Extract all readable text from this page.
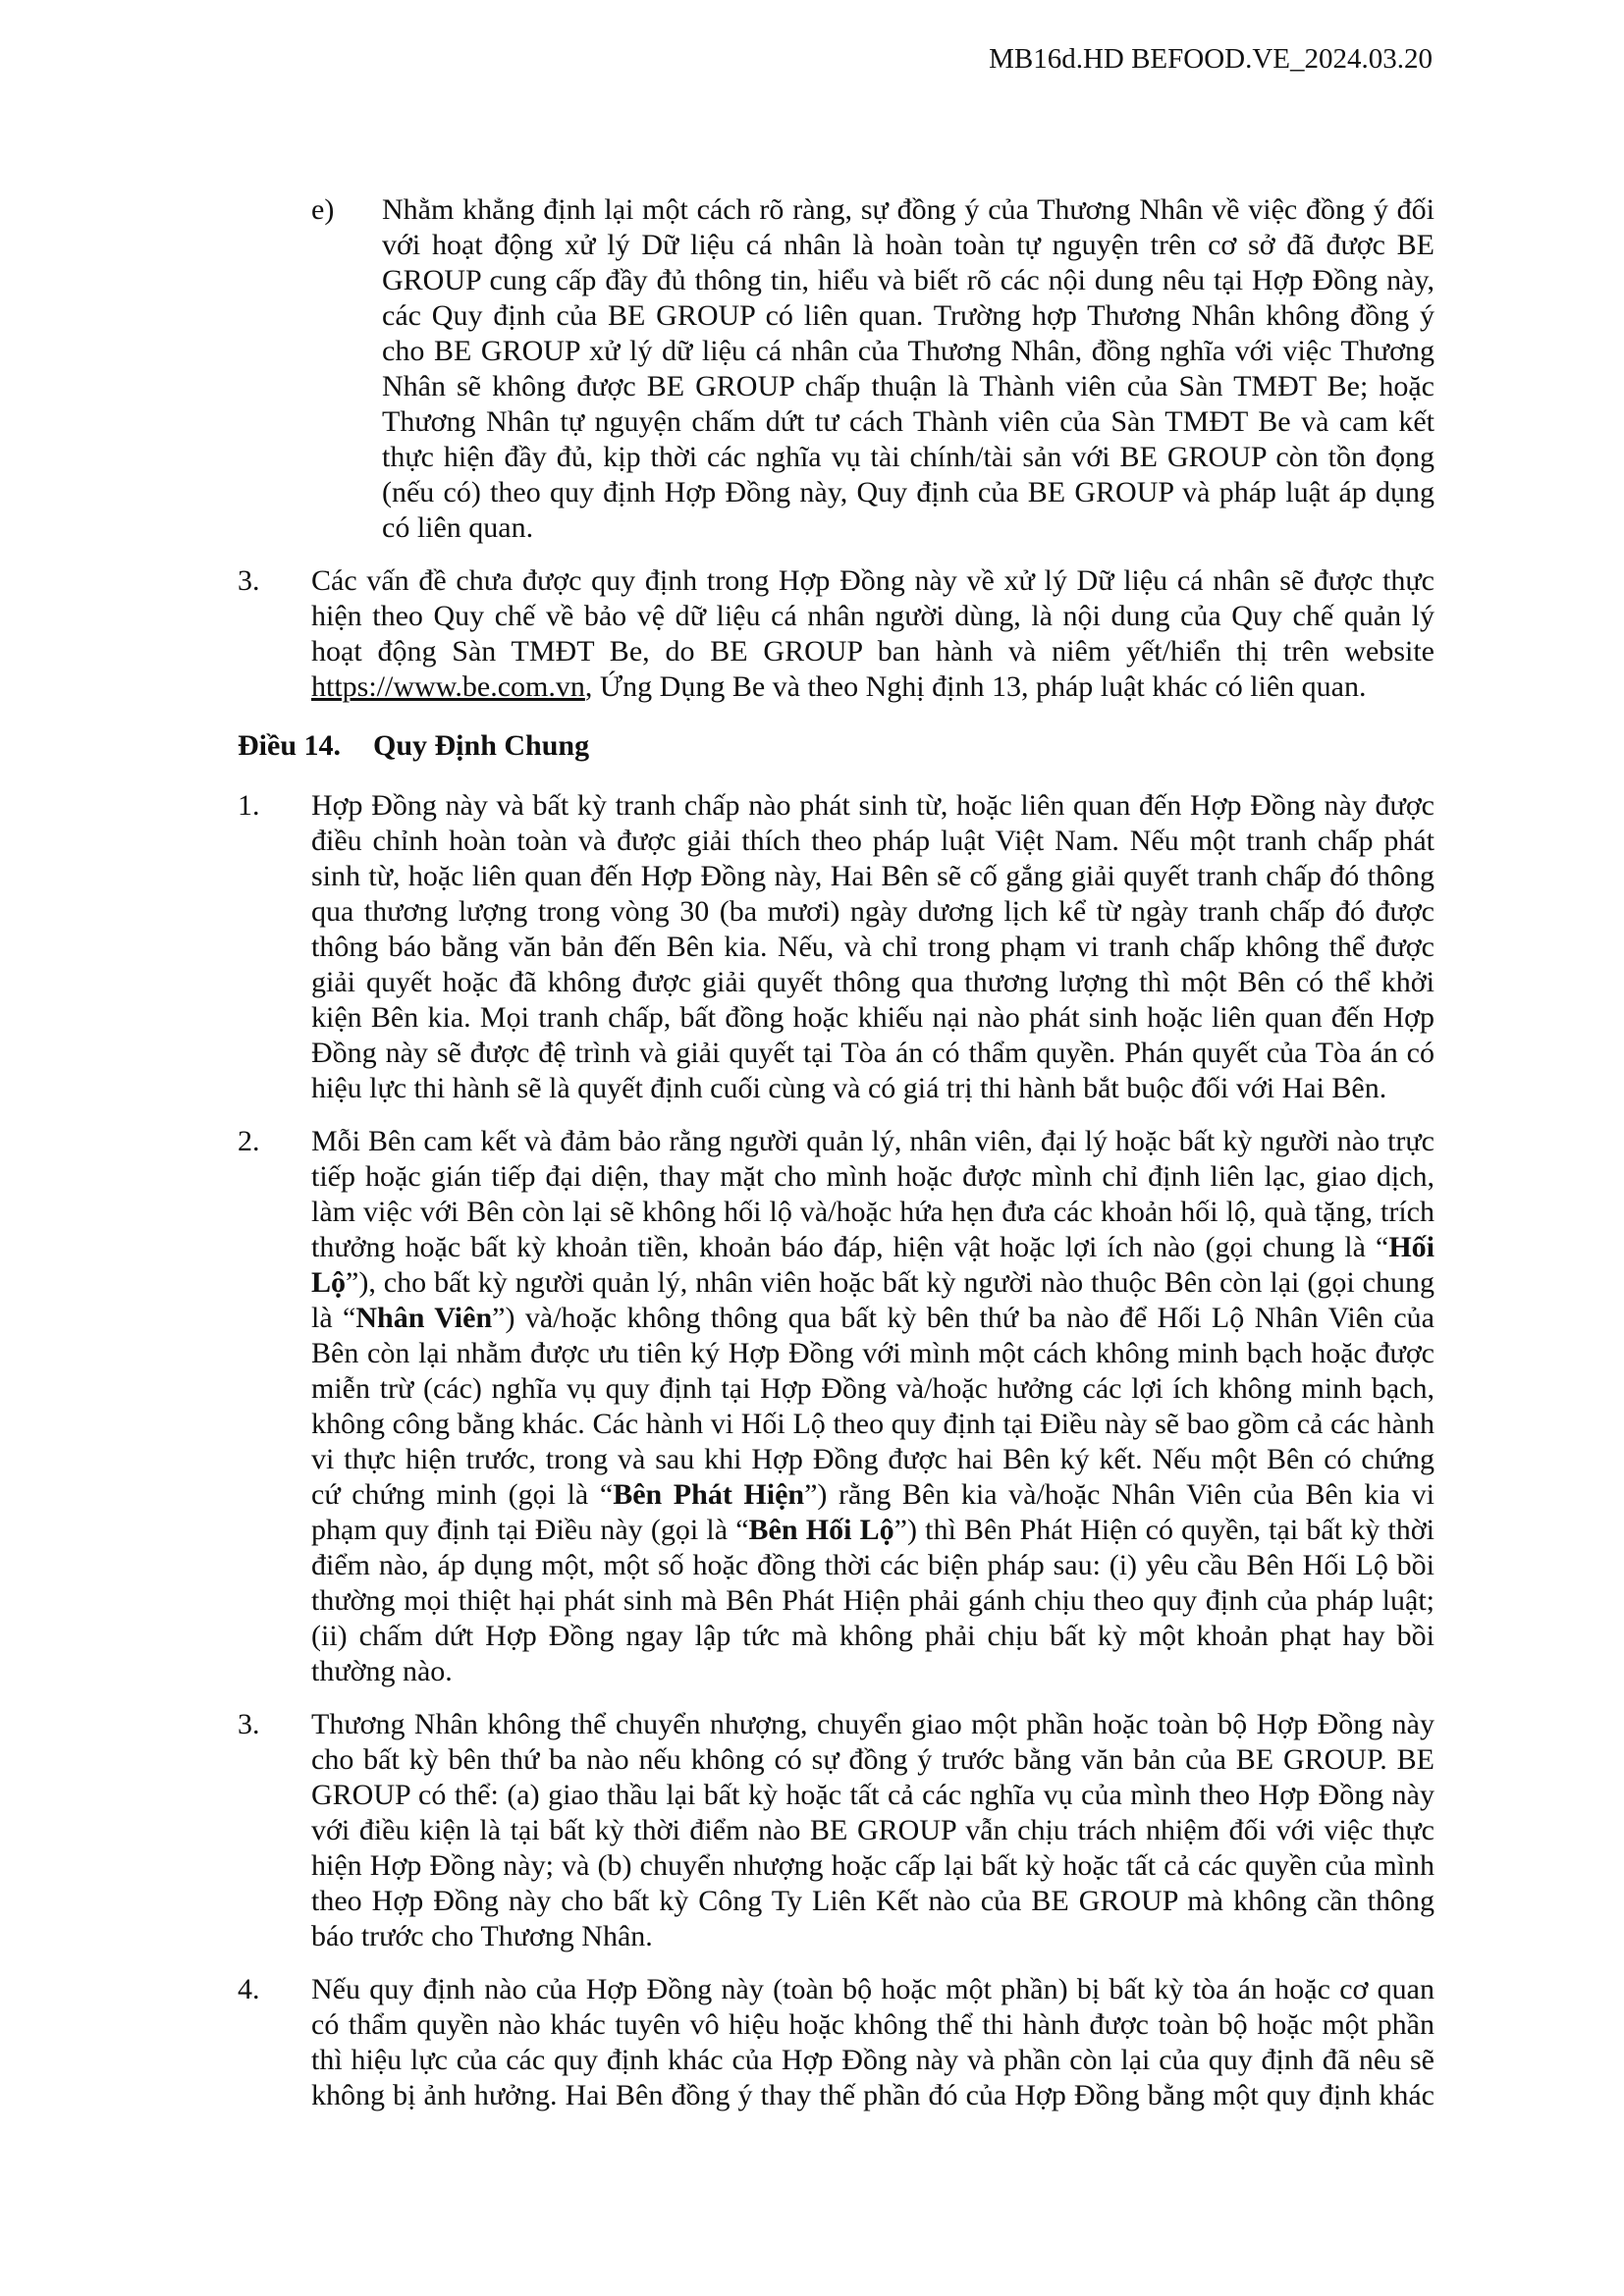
MB16d.HD BEFOOD.VE_2024.03.20
e) Nhằm khẳng định lại một cách rõ ràng, sự đồng ý của Thương Nhân về việc đồng ý đối
với hoạt động xử lý Dữ liệu cá nhân là hoàn toàn tự nguyện trên cơ sở đã được BE
GROUP cung cấp đầy đủ thông tin, hiểu và biết rõ các nội dung nêu tại Hợp Đồng này,
các Quy định của BE GROUP có liên quan. Trường hợp Thương Nhân không đồng ý
cho BE GROUP xử lý dữ liệu cá nhân của Thương Nhân, đồng nghĩa với việc Thương
Nhân sẽ không được BE GROUP chấp thuận là Thành viên của Sàn TMĐT Be; hoặc
Thương Nhân tự nguyện chấm dứt tư cách Thành viên của Sàn TMĐT Be và cam kết
thực hiện đầy đủ, kịp thời các nghĩa vụ tài chính/tài sản với BE GROUP còn tồn đọng
(nếu có) theo quy định Hợp Đồng này, Quy định của BE GROUP và pháp luật áp dụng
có liên quan.
3. Các vấn đề chưa được quy định trong Hợp Đồng này về xử lý Dữ liệu cá nhân sẽ được thực
hiện theo Quy chế về bảo vệ dữ liệu cá nhân người dùng, là nội dung của Quy chế quản lý
hoạt động Sàn TMĐT Be, do BE GROUP ban hành và niêm yết/hiển thị trên website
https://www.be.com.vn, Ứng Dụng Be và theo Nghị định 13, pháp luật khác có liên quan.
Điều 14. Quy Định Chung
1. Hợp Đồng này và bất kỳ tranh chấp nào phát sinh từ, hoặc liên quan đến Hợp Đồng này được
điều chỉnh hoàn toàn và được giải thích theo pháp luật Việt Nam. Nếu một tranh chấp phát
sinh từ, hoặc liên quan đến Hợp Đồng này, Hai Bên sẽ cố gắng giải quyết tranh chấp đó thông
qua thương lượng trong vòng 30 (ba mươi) ngày dương lịch kể từ ngày tranh chấp đó được
thông báo bằng văn bản đến Bên kia. Nếu, và chỉ trong phạm vi tranh chấp không thể được
giải quyết hoặc đã không được giải quyết thông qua thương lượng thì một Bên có thể khởi
kiện Bên kia. Mọi tranh chấp, bất đồng hoặc khiếu nại nào phát sinh hoặc liên quan đến Hợp
Đồng này sẽ được đệ trình và giải quyết tại Tòa án có thẩm quyền. Phán quyết của Tòa án có
hiệu lực thi hành sẽ là quyết định cuối cùng và có giá trị thi hành bắt buộc đối với Hai Bên.
2. Mỗi Bên cam kết và đảm bảo rằng người quản lý, nhân viên, đại lý hoặc bất kỳ người nào trực
tiếp hoặc gián tiếp đại diện, thay mặt cho mình hoặc được mình chỉ định liên lạc, giao dịch,
làm việc với Bên còn lại sẽ không hối lộ và/hoặc hứa hẹn đưa các khoản hối lộ, quà tặng, trích
thưởng hoặc bất kỳ khoản tiền, khoản báo đáp, hiện vật hoặc lợi ích nào (gọi chung là “Hối
Lộ”), cho bất kỳ người quản lý, nhân viên hoặc bất kỳ người nào thuộc Bên còn lại (gọi chung
là “Nhân Viên”) và/hoặc không thông qua bất kỳ bên thứ ba nào để Hối Lộ Nhân Viên của
Bên còn lại nhằm được ưu tiên ký Hợp Đồng với mình một cách không minh bạch hoặc được
miễn trừ (các) nghĩa vụ quy định tại Hợp Đồng và/hoặc hưởng các lợi ích không minh bạch,
không công bằng khác. Các hành vi Hối Lộ theo quy định tại Điều này sẽ bao gồm cả các hành
vi thực hiện trước, trong và sau khi Hợp Đồng được hai Bên ký kết. Nếu một Bên có chứng
cứ chứng minh (gọi là “Bên Phát Hiện”) rằng Bên kia và/hoặc Nhân Viên của Bên kia vi
phạm quy định tại Điều này (gọi là “Bên Hối Lộ”) thì Bên Phát Hiện có quyền, tại bất kỳ thời
điểm nào, áp dụng một, một số hoặc đồng thời các biện pháp sau: (i) yêu cầu Bên Hối Lộ bồi
thường mọi thiệt hại phát sinh mà Bên Phát Hiện phải gánh chịu theo quy định của pháp luật;
(ii) chấm dứt Hợp Đồng ngay lập tức mà không phải chịu bất kỳ một khoản phạt hay bồi
thường nào.
3. Thương Nhân không thể chuyển nhượng, chuyển giao một phần hoặc toàn bộ Hợp Đồng này
cho bất kỳ bên thứ ba nào nếu không có sự đồng ý trước bằng văn bản của BE GROUP. BE
GROUP có thể: (a) giao thầu lại bất kỳ hoặc tất cả các nghĩa vụ của mình theo Hợp Đồng này
với điều kiện là tại bất kỳ thời điểm nào BE GROUP vẫn chịu trách nhiệm đối với việc thực
hiện Hợp Đồng này; và (b) chuyển nhượng hoặc cấp lại bất kỳ hoặc tất cả các quyền của mình
theo Hợp Đồng này cho bất kỳ Công Ty Liên Kết nào của BE GROUP mà không cần thông
báo trước cho Thương Nhân.
4. Nếu quy định nào của Hợp Đồng này (toàn bộ hoặc một phần) bị bất kỳ tòa án hoặc cơ quan
có thẩm quyền nào khác tuyên vô hiệu hoặc không thể thi hành được toàn bộ hoặc một phần
thì hiệu lực của các quy định khác của Hợp Đồng này và phần còn lại của quy định đã nêu sẽ
không bị ảnh hưởng. Hai Bên đồng ý thay thế phần đó của Hợp Đồng bằng một quy định khác
